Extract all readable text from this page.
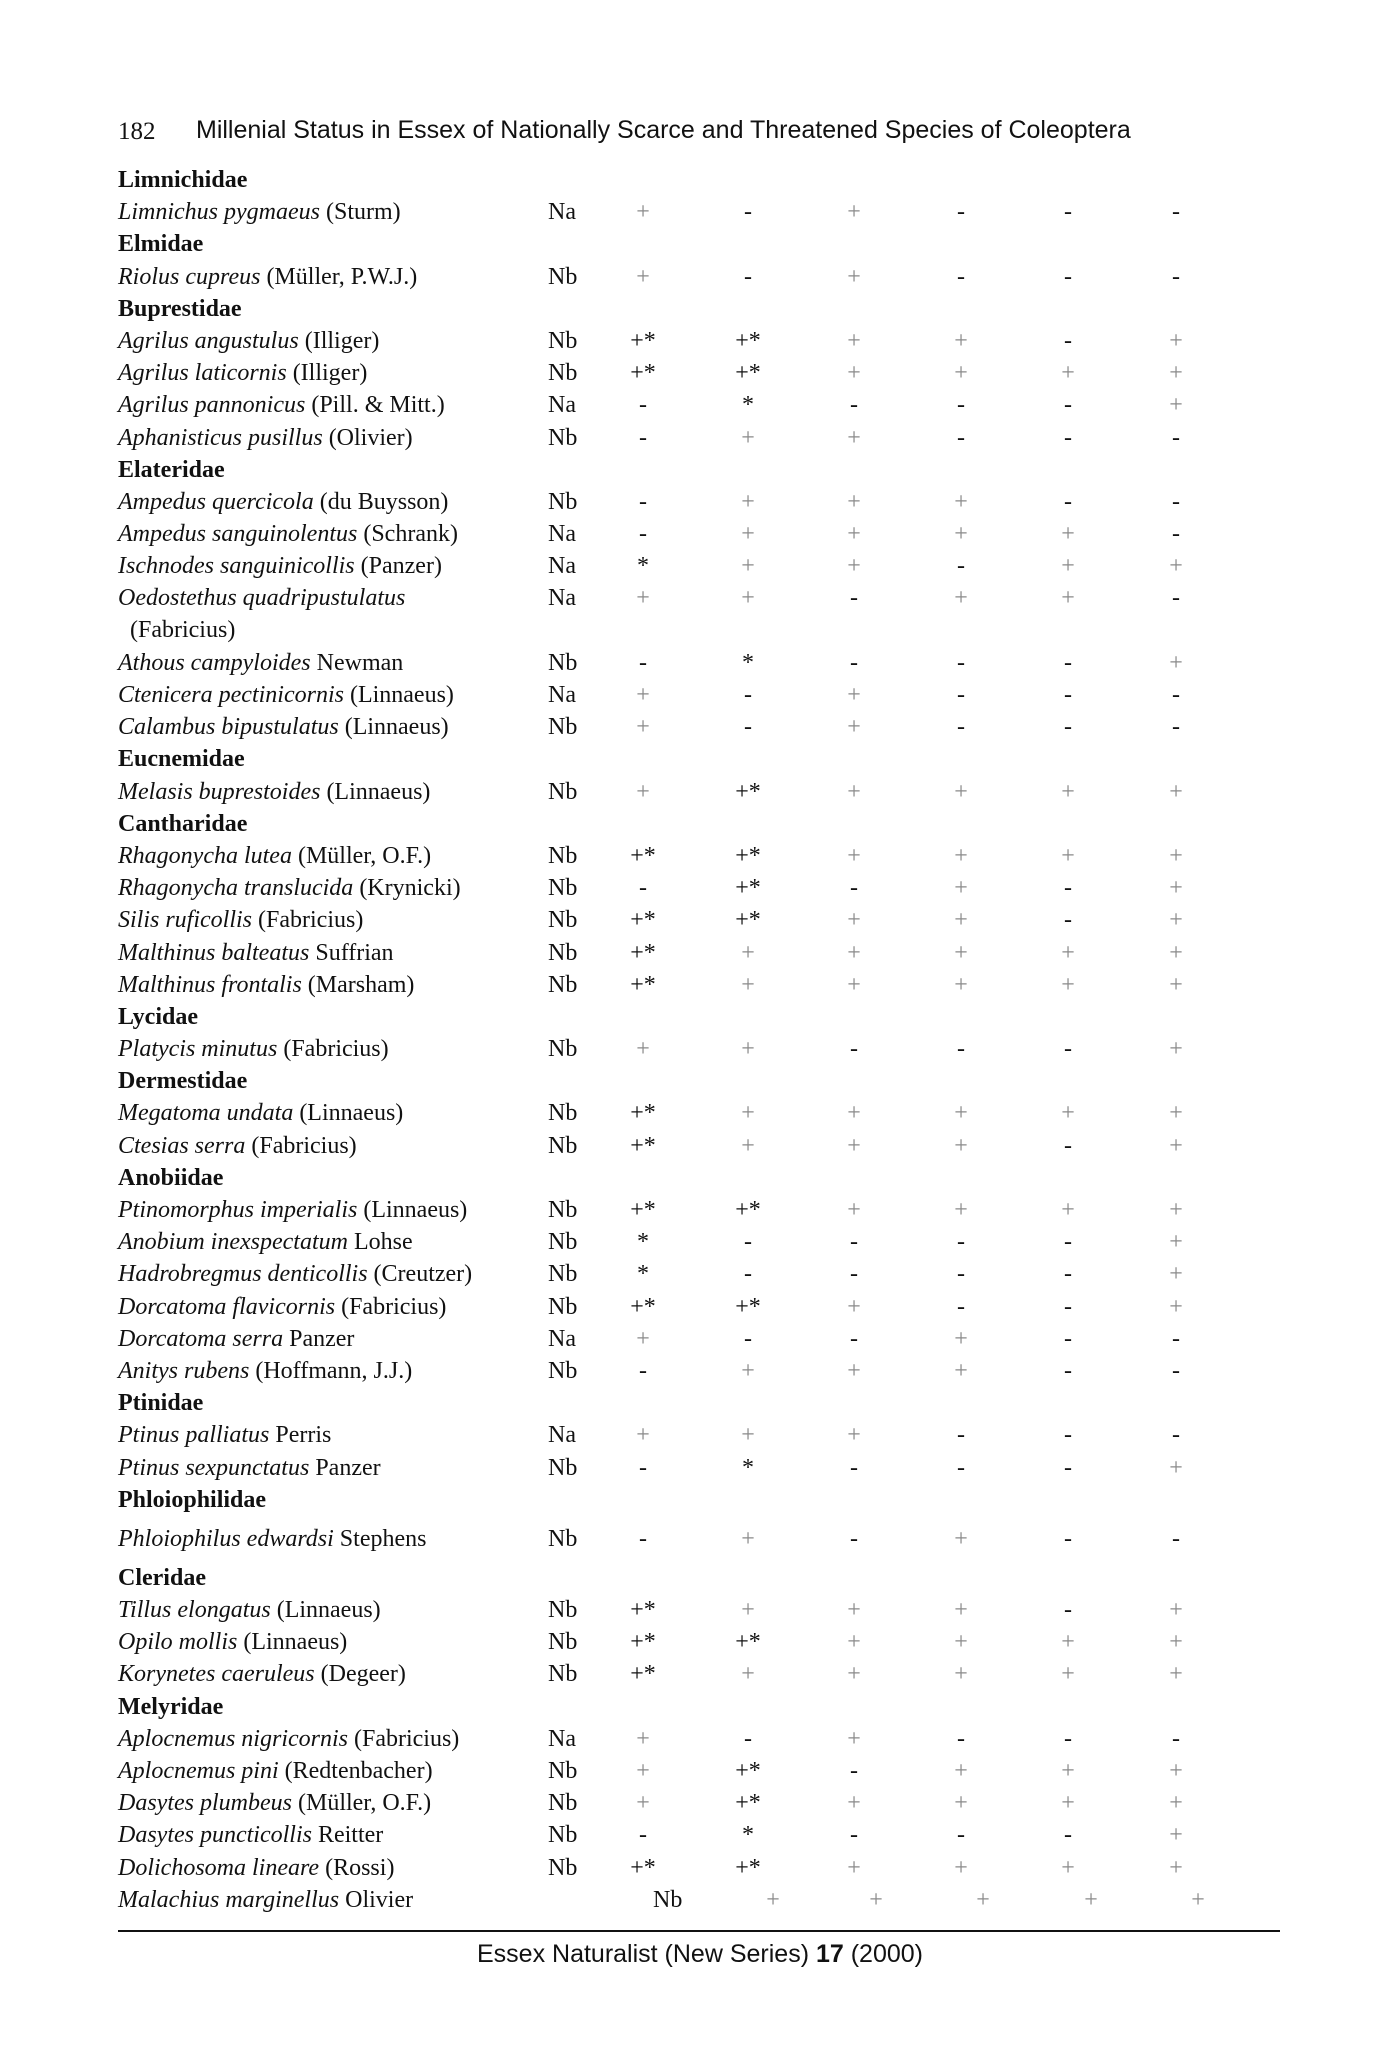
182 Millenial Status in Essex of Nationally Scarce and Threatened Species of Coleoptera
Limnichidae
Limnichus pygmaeus (Sturm)	Na	+	-	+	-	-	-
Elmidae
Riolus cupreus (Müller, P.W.J.)	Nb	+	-	+	-	-	-
Buprestidae
Agrilus angustulus (Illiger)	Nb	+*	+*	+	+	-	+
Agrilus laticornis (Illiger)	Nb	+*	+*	+	+	+	+
Agrilus pannonicus (Pill. & Mitt.)	Na	-	*	-	-	-	+
Aphanisticus pusillus (Olivier)	Nb	-	+	+	-	-	-
Elateridae
Ampedus quercicola (du Buysson)	Nb	-	+	+	+	-	-
Ampedus sanguinolentus (Schrank)	Na	-	+	+	+	+	-
Ischnodes sanguinicollis (Panzer)	Na	*	+	+	-	+	+
Oedostethus quadripustulatus
(Fabricius)
Na	+	+	-	+	+	-
Athous campyloides Newman	Nb	-	*	-	-	-	+
Ctenicera pectinicornis (Linnaeus)	Na	+	-	+	-	-	-
Calambus bipustulatus (Linnaeus)	Nb	+	-	+	-	-	-
Eucnemidae
Melasis buprestoides (Linnaeus)	Nb	+	+*	+	+	+	+
Cantharidae
Rhagonycha lutea (Müller, O.F.)	Nb	+*	+*	+	+	+	+
Rhagonycha translucida (Krynicki)	Nb	-	+*	-	+	-	+
Silis ruficollis (Fabricius)	Nb	+*	+*	+	+	-	+
Malthinus balteatus Suffrian	Nb	+*	+	+	+	+	+
Malthinus frontalis (Marsham)	Nb	+*	+	+	+	+	+
Lycidae
Platycis minutus (Fabricius)	Nb	+	+	-	-	-	+
Dermestidae
Megatoma undata (Linnaeus)	Nb	+*	+	+	+	+	+
Ctesias serra (Fabricius)	Nb	+*	+	+	+	-	+
Anobiidae
Ptinomorphus imperialis (Linnaeus)	Nb	+*	+*	+	+	+	+
Anobium inexspectatum Lohse	Nb	*	-	-	-	-	+
Hadrobregmus denticollis (Creutzer)	Nb	*	-	-	-	-	+
Dorcatoma flavicornis (Fabricius)	Nb	+*	+*	+	-	-	+
Dorcatoma serra Panzer	Na	+	-	-	+	-	-
Anitys rubens (Hoffmann, J.J.)	Nb	-	+	+	+	-	-
Ptinidae
Ptinus palliatus Perris	Na	+	+	+	-	-	-
Ptinus sexpunctatus Panzer	Nb	-	*	-	-	-	+
Phloiophilidae
Phloiophilus edwardsi Stephens	Nb	-	+	-	+	-	-
Cleridae
Tillus elongatus (Linnaeus)	Nb	+*	+	+	+	-	+
Opilo mollis (Linnaeus)	Nb	+*	+*	+	+	+	+
Korynetes caeruleus (Degeer)	Nb	+*	+	+	+	+	+
Melyridae
Aplocnemus nigricornis (Fabricius)	Na	+	-	+	-	-	-
Aplocnemus pini (Redtenbacher)	Nb	+	+*	-	+	+	+
Dasytes plumbeus (Müller, O.F.)	Nb	+	+*	+	+	+	+
Dasytes puncticollis Reitter	Nb	-	*	-	-	-	+
Dolichosoma lineare (Rossi)	Nb	+*	+*	+	+	+	+
Malachius marginellus Olivier	Nb	+	+	+	+	+
Essex Naturalist (New Series) 17 (2000)
